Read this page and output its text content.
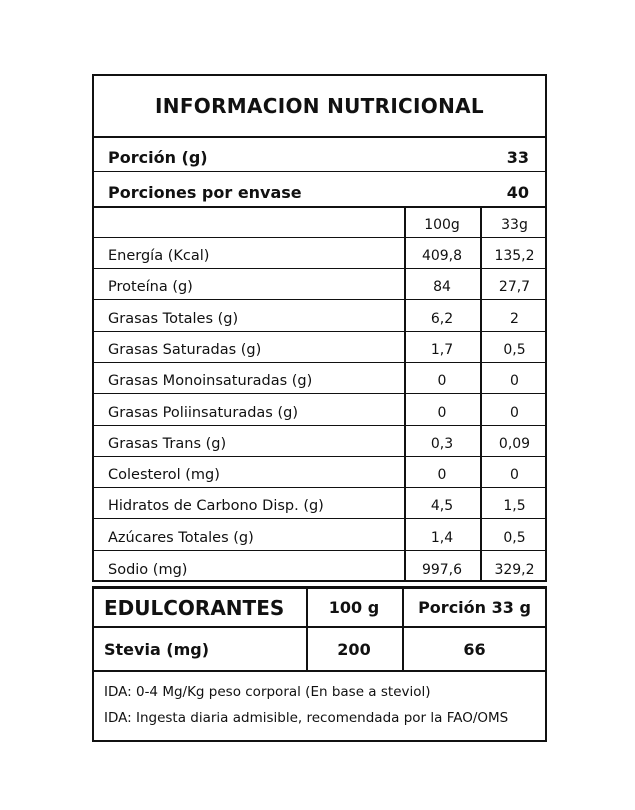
INFORMACION NUTRICIONAL
Porción (g)	33
Porciones por envase	40
100g	33g
Energía (Kcal)	409,8	135,2
Proteína (g)	84	27,7
Grasas Totales (g)	6,2	2
Grasas Saturadas (g)	1,7	0,5
Grasas Monoinsaturadas (g)	0	0
Grasas Poliinsaturadas (g)	0	0
Grasas Trans (g)	0,3	0,09
Colesterol (mg)	0	0
Hidratos de Carbono Disp. (g)	4,5	1,5
Azúcares Totales (g)	1,4	0,5
Sodio (mg)	997,6	329,2
EDULCORANTES	100 g	Porción 33 g
Stevia (mg)	200	66
IDA: 0-4 Mg/Kg peso corporal (En base a steviol)
IDA: Ingesta diaria admisible, recomendada por la FAO/OMS
